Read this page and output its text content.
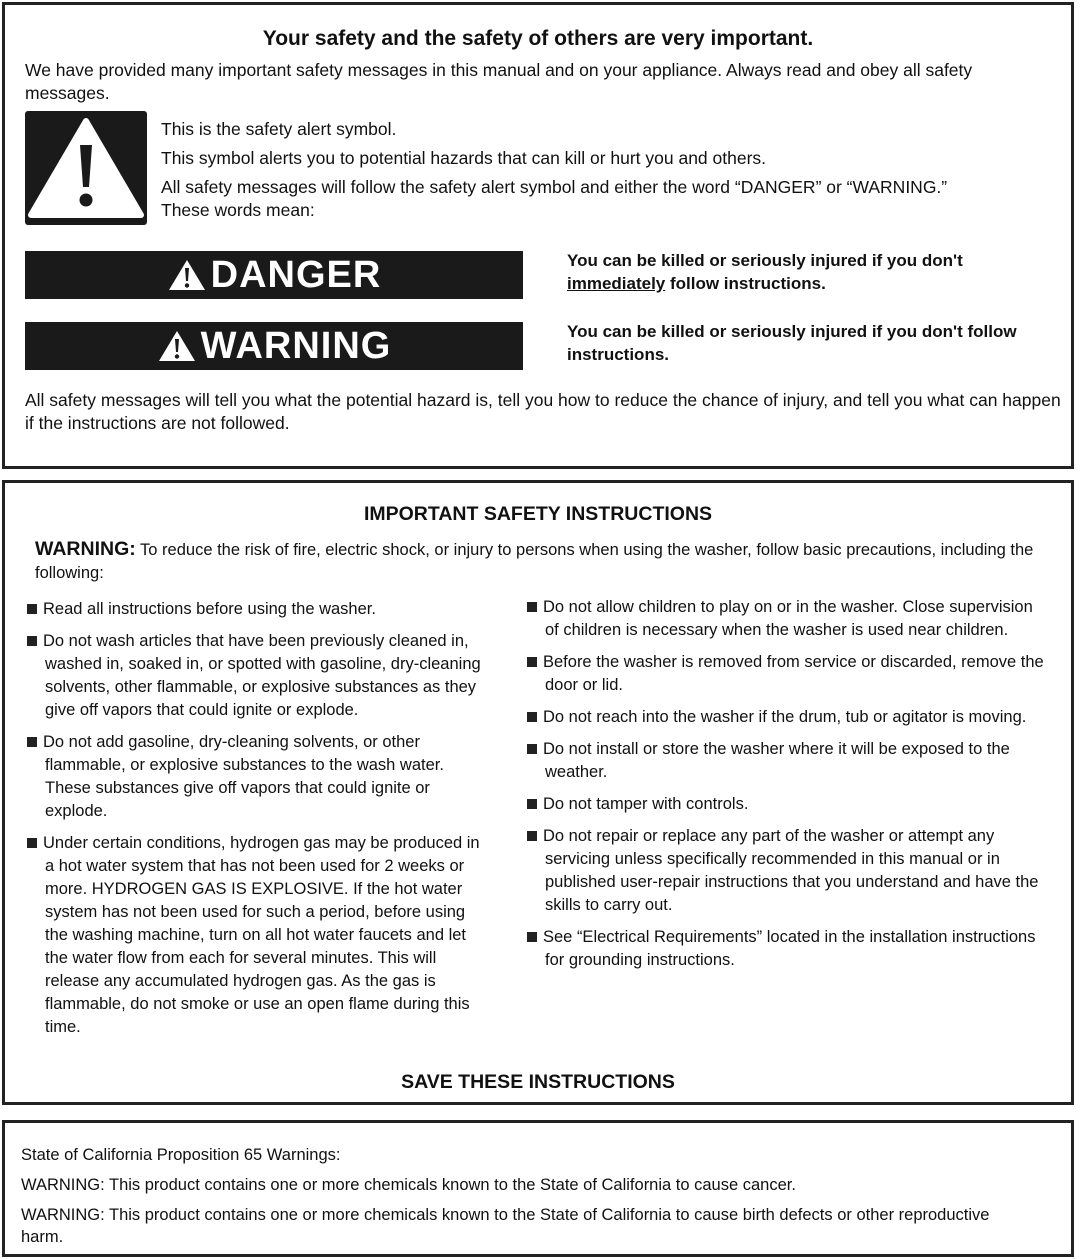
Your safety and the safety of others are very important.
We have provided many important safety messages in this manual and on your appliance. Always read and obey all safety messages.
This is the safety alert symbol.
This symbol alerts you to potential hazards that can kill or hurt you and others.
All safety messages will follow the safety alert symbol and either the word “DANGER” or “WARNING.” These words mean:
DANGER	You can be killed or seriously injured if you don't immediately follow instructions.
WARNING	You can be killed or seriously injured if you don't follow instructions.
All safety messages will tell you what the potential hazard is, tell you how to reduce the chance of injury, and tell you what can happen if the instructions are not followed.
IMPORTANT SAFETY INSTRUCTIONS
WARNING: To reduce the risk of fire, electric shock, or injury to persons when using the washer, follow basic precautions, including the following:
Read all instructions before using the washer.
Do not wash articles that have been previously cleaned in, washed in, soaked in, or spotted with gasoline, dry-cleaning solvents, other flammable, or explosive substances as they give off vapors that could ignite or explode.
Do not add gasoline, dry-cleaning solvents, or other flammable, or explosive substances to the wash water. These substances give off vapors that could ignite or explode.
Under certain conditions, hydrogen gas may be produced in a hot water system that has not been used for 2 weeks or more. HYDROGEN GAS IS EXPLOSIVE. If the hot water system has not been used for such a period, before using the washing machine, turn on all hot water faucets and let the water flow from each for several minutes. This will release any accumulated hydrogen gas. As the gas is flammable, do not smoke or use an open flame during this time.
Do not allow children to play on or in the washer. Close supervision of children is necessary when the washer is used near children.
Before the washer is removed from service or discarded, remove the door or lid.
Do not reach into the washer if the drum, tub or agitator is moving.
Do not install or store the washer where it will be exposed to the weather.
Do not tamper with controls.
Do not repair or replace any part of the washer or attempt any servicing unless specifically recommended in this manual or in published user-repair instructions that you understand and have the skills to carry out.
See “Electrical Requirements” located in the installation instructions for grounding instructions.
SAVE THESE INSTRUCTIONS
State of California Proposition 65 Warnings:
WARNING: This product contains one or more chemicals known to the State of California to cause cancer.
WARNING: This product contains one or more chemicals known to the State of California to cause birth defects or other reproductive harm.
